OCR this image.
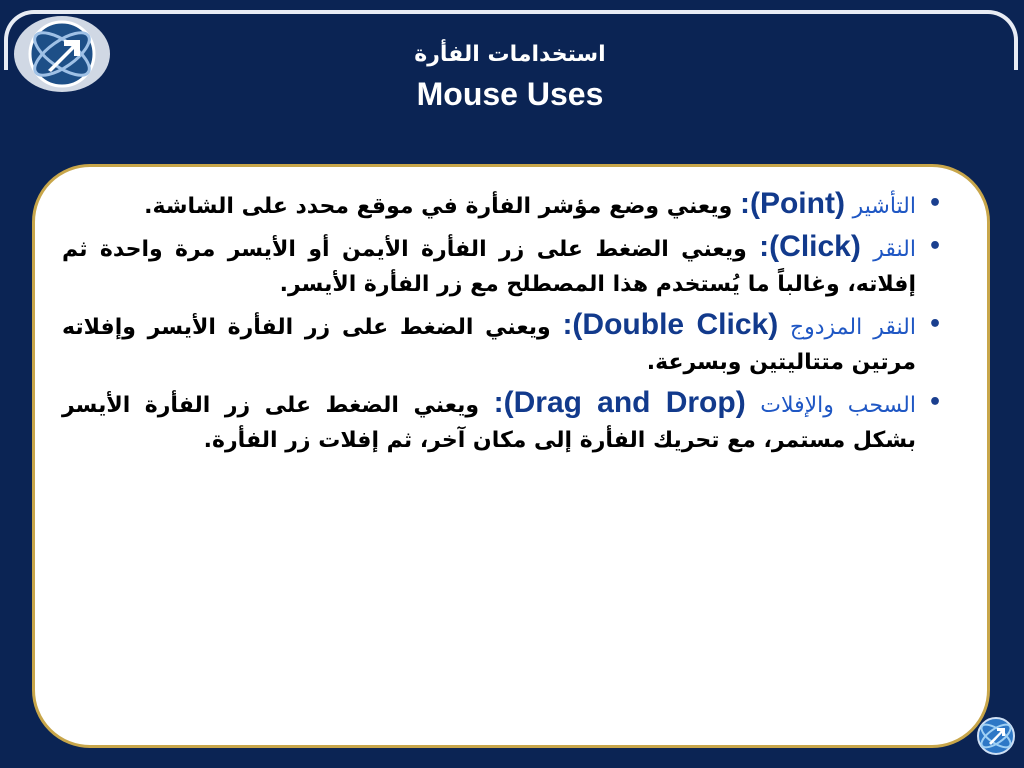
استخدامات الفأرة
Mouse Uses
•
التأشير (Point): ويعني وضع مؤشر الفأرة في موقع محدد على الشاشة.
•
النقر (Click): ويعني الضغط على زر الفأرة الأيمن أو الأيسر مرة واحدة ثم إفلاته، وغالباً ما يُستخدم هذا المصطلح مع زر الفأرة الأيسر.
•
النقر المزدوج (Double Click): ويعني الضغط على زر الفأرة الأيسر وإفلاته مرتين متتاليتين وبسرعة.
•
السحب والإفلات (Drag and Drop): ويعني الضغط على زر الفأرة الأيسر بشكل مستمر، مع تحريك الفأرة إلى مكان آخر، ثم إفلات زر الفأرة.
